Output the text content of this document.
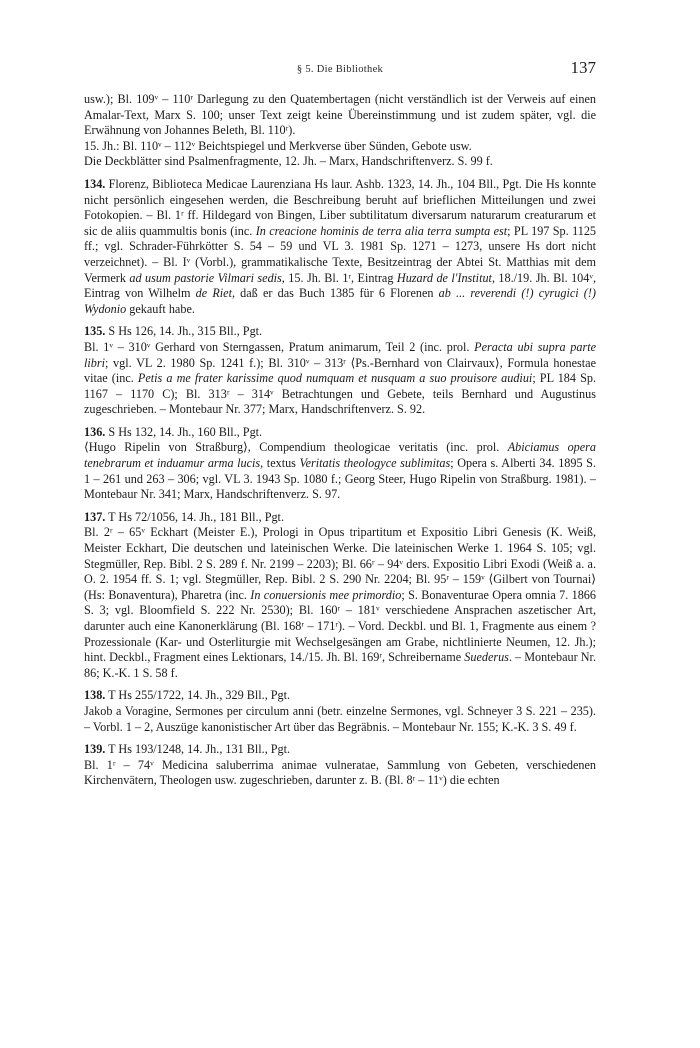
§ 5. Die Bibliothek	137

usw.); Bl. 109ᵛ – 110ʳ Darlegung zu den Quatembertagen (nicht verständlich ist der Verweis auf einen Amalar-Text, Marx S. 100; unser Text zeigt keine Übereinstimmung und ist zudem später, vgl. die Erwähnung von Johannes Beleth, Bl. 110ʳ).

15. Jh.: Bl. 110ᵛ – 112ᵛ Beichtspiegel und Merkverse über Sünden, Gebote usw.

Die Deckblätter sind Psalmenfragmente, 12. Jh. – Marx, Handschriftenverz. S. 99 f.

134. Florenz, Biblioteca Medicae Laurenziana Hs laur. Ashb. 1323, 14. Jh., 104 Bll., Pgt. Die Hs konnte nicht persönlich eingesehen werden, die Beschreibung beruht auf brieflichen Mitteilungen und zwei Fotokopien. – Bl. 1ʳ ff. Hildegard von Bingen, Liber subtilitatum diversarum naturarum creaturarum et sic de aliis quammultis bonis (inc. In creacione hominis de terra alia terra sumpta est; PL 197 Sp. 1125 ff.; vgl. Schrader-Führkötter S. 54 – 59 und VL 3. 1981 Sp. 1271 – 1273, unsere Hs dort nicht verzeichnet). – Bl. Iᵛ (Vorbl.), grammatikalische Texte, Besitzeintrag der Abtei St. Matthias mit dem Vermerk ad usum pastorie Vilmari sedis, 15. Jh. Bl. 1ʳ, Eintrag Huzard de l'Institut, 18./19. Jh. Bl. 104ᵛ, Eintrag von Wilhelm de Riet, daß er das Buch 1385 für 6 Florenen ab ... reverendi (!) cyrugici (!) Wydonio gekauft habe.

135. S Hs 126, 14. Jh., 315 Bll., Pgt.
Bl. 1ᵛ – 310ᵛ Gerhard von Sterngassen, Pratum animarum, Teil 2 (inc. prol. Peracta ubi supra parte libri; vgl. VL 2. 1980 Sp. 1241 f.); Bl. 310ᵛ – 313ʳ ⟨Ps.-Bernhard von Clairvaux⟩, Formula honestae vitae (inc. Petis a me frater karissime quod numquam et nusquam a suo prouisore audiui; PL 184 Sp. 1167 – 1170 C); Bl. 313ʳ – 314ᵛ Betrachtungen und Gebete, teils Bernhard und Augustinus zugeschrieben. – Montebaur Nr. 377; Marx, Handschriftenverz. S. 92.

136. S Hs 132, 14. Jh., 160 Bll., Pgt.
⟨Hugo Ripelin von Straßburg⟩, Compendium theologicae veritatis (inc. prol. Abiciamus opera tenebrarum et induamur arma lucis, textus Veritatis theologyce sublimitas; Opera s. Alberti 34. 1895 S. 1 – 261 und 263 – 306; vgl. VL 3. 1943 Sp. 1080 f.; Georg Steer, Hugo Ripelin von Straßburg. 1981). – Montebaur Nr. 341; Marx, Handschriftenverz. S. 97.

137. T Hs 72/1056, 14. Jh., 181 Bll., Pgt.
Bl. 2ʳ – 65ᵛ Eckhart (Meister E.), Prologi in Opus tripartitum et Expositio Libri Genesis (K. Weiß, Meister Eckhart, Die deutschen und lateinischen Werke. Die lateinischen Werke 1. 1964 S. 105; vgl. Stegmüller, Rep. Bibl. 2 S. 289 f. Nr. 2199 – 2203); Bl. 66ʳ – 94ᵛ ders. Expositio Libri Exodi (Weiß a. a. O. 2. 1954 ff. S. 1; vgl. Stegmüller, Rep. Bibl. 2 S. 290 Nr. 2204; Bl. 95ʳ – 159ᵛ ⟨Gilbert von Tournai⟩ (Hs: Bonaventura), Pharetra (inc. In conuersionis mee primordio; S. Bonaventurae Opera omnia 7. 1866 S. 3; vgl. Bloomfield S. 222 Nr. 2530); Bl. 160ʳ – 181ᵛ verschiedene Ansprachen aszetischer Art, darunter auch eine Kanonerklärung (Bl. 168ʳ – 171ʳ). – Vord. Deckbl. und Bl. 1, Fragmente aus einem ?Prozessionale (Kar- und Osterliturgie mit Wechselgesängen am Grabe, nichtlinierte Neumen, 12. Jh.); hint. Deckbl., Fragment eines Lektionars, 14./15. Jh. Bl. 169ʳ, Schreibername Suederus. – Montebaur Nr. 86; K.-K. 1 S. 58 f.

138. T Hs 255/1722, 14. Jh., 329 Bll., Pgt.
Jakob a Voragine, Sermones per circulum anni (betr. einzelne Sermones, vgl. Schneyer 3 S. 221 – 235). – Vorbl. 1 – 2, Auszüge kanonistischer Art über das Begräbnis. – Montebaur Nr. 155; K.-K. 3 S. 49 f.

139. T Hs 193/1248, 14. Jh., 131 Bll., Pgt.
Bl. 1ʳ – 74ᵛ Medicina saluberrima animae vulneratae, Sammlung von Gebeten, verschiedenen Kirchenvätern, Theologen usw. zugeschrieben, darunter z. B. (Bl. 8ʳ – 11ᵛ) die echten
